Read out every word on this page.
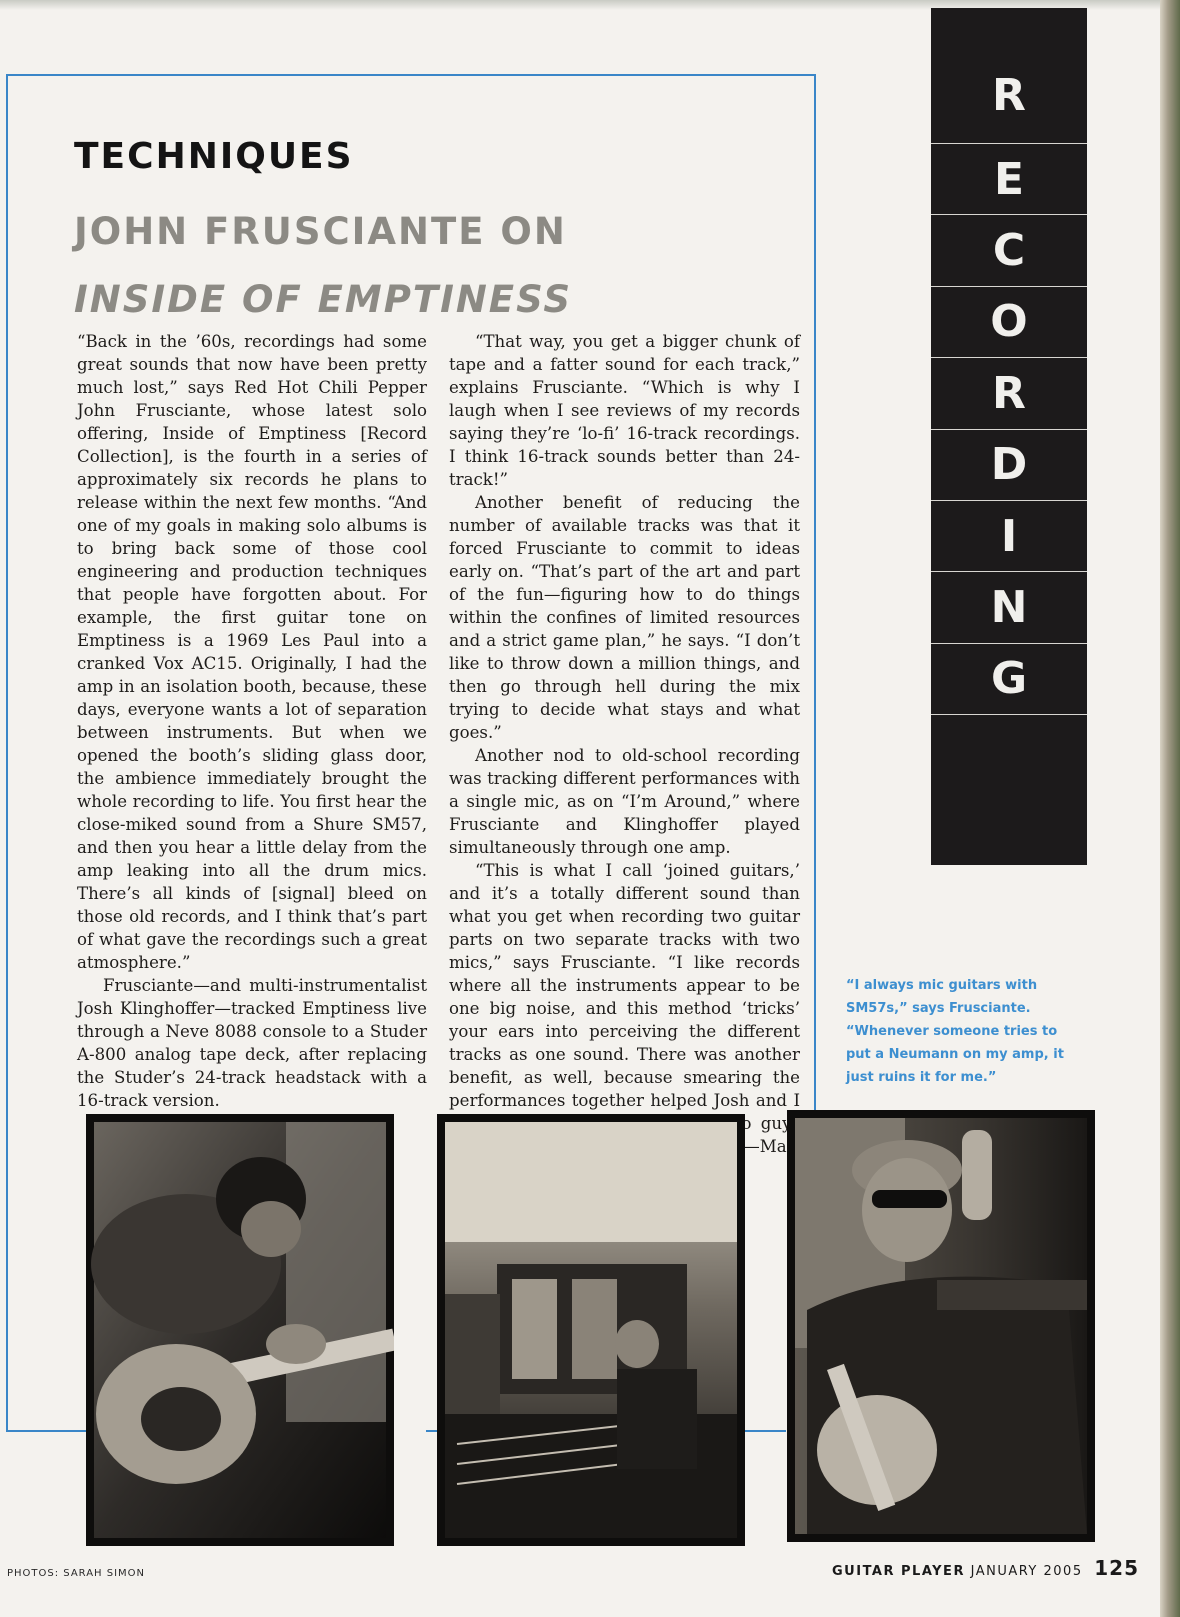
TECHNIQUES
JOHN FRUSCIANTE ON
INSIDE OF EMPTINESS

“Back in the ’60s, recordings had some great sounds that now have been pretty much lost,” says Red Hot Chili Pepper John Frusciante, whose latest solo offering, Inside of Emptiness [Record Collection], is the fourth in a series of approximately six records he plans to release within the next few months. “And one of my goals in making solo albums is to bring back some of those cool engineering and production techniques that people have forgotten about. For example, the first guitar tone on Emptiness is a 1969 Les Paul into a cranked Vox AC15. Originally, I had the amp in an isolation booth, because, these days, everyone wants a lot of separation between instruments. But when we opened the booth’s sliding glass door, the ambience immediately brought the whole recording to life. You first hear the close-miked sound from a Shure SM57, and then you hear a little delay from the amp leaking into all the drum mics. There’s all kinds of [signal] bleed on those old records, and I think that’s part of what gave the recordings such a great atmosphere.”

Frusciante—and multi-instrumentalist Josh Klinghoffer—tracked Emptiness live through a Neve 8088 console to a Studer A-800 analog tape deck, after replacing the Studer’s 24-track headstack with a 16-track version.

“That way, you get a bigger chunk of tape and a fatter sound for each track,” explains Frusciante. “Which is why I laugh when I see reviews of my records saying they’re ‘lo-fi’ 16-track recordings. I think 16-track sounds better than 24-track!”

Another benefit of reducing the number of available tracks was that it forced Frusciante to commit to ideas early on. “That’s part of the art and part of the fun—figuring how to do things within the confines of limited resources and a strict game plan,” he says. “I don’t like to throw down a million things, and then go through hell during the mix trying to decide what stays and what goes.”

Another nod to old-school recording was tracking different performances with a single mic, as on “I’m Around,” where Frusciante and Klinghoffer played simultaneously through one amp.

“This is what I call ‘joined guitars,’ and it’s a totally different sound than what you get when recording two guitar parts on two separate tracks with two mics,” says Frusciante. “I like records where all the instruments appear to be one big noise, and this method ‘tricks’ your ears into perceiving the different tracks as one sound. There was another benefit, as well, because smearing the performances together helped Josh and I guys

R
E
C
O
R
D
I
N
G
“I always mic guitars with SM57s,” says Frusciante. “Whenever someone tries to put a Neumann on my amp, it just ruins it for me.”
PHOTOS: SARAH SIMON	GUITAR PLAYER JANUARY 2005 125
